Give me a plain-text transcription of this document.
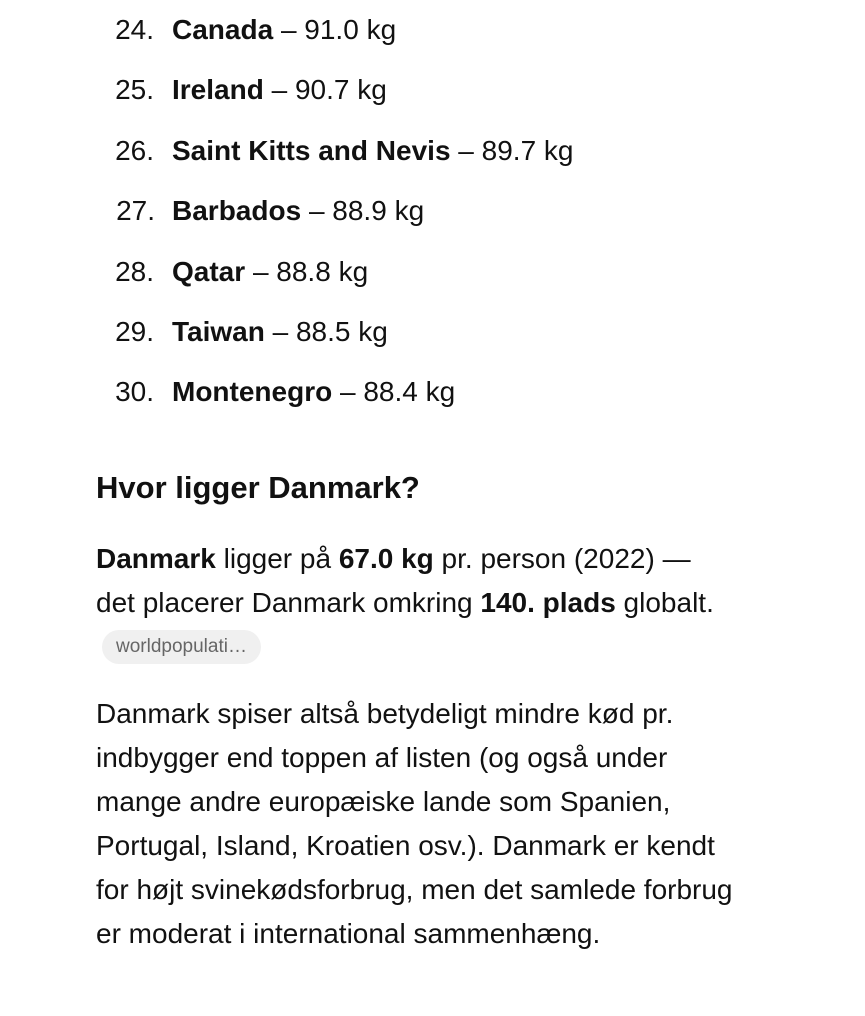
24. Canada – 91.0 kg
25. Ireland – 90.7 kg
26. Saint Kitts and Nevis – 89.7 kg
27. Barbados – 88.9 kg
28. Qatar – 88.8 kg
29. Taiwan – 88.5 kg
30. Montenegro – 88.4 kg
Hvor ligger Danmark?

Danmark ligger på 67.0 kg pr. person (2022) — det placerer Danmark omkring 140. plads globalt.worldpopulati…

Danmark spiser altså betydeligt mindre kød pr. indbygger end toppen af listen (og også under mange andre europæiske lande som Spanien, Portugal, Island, Kroatien osv.). Danmark er kendt for højt svinekødsforbrug, men det samlede forbrug er moderat i international sammenhæng.
